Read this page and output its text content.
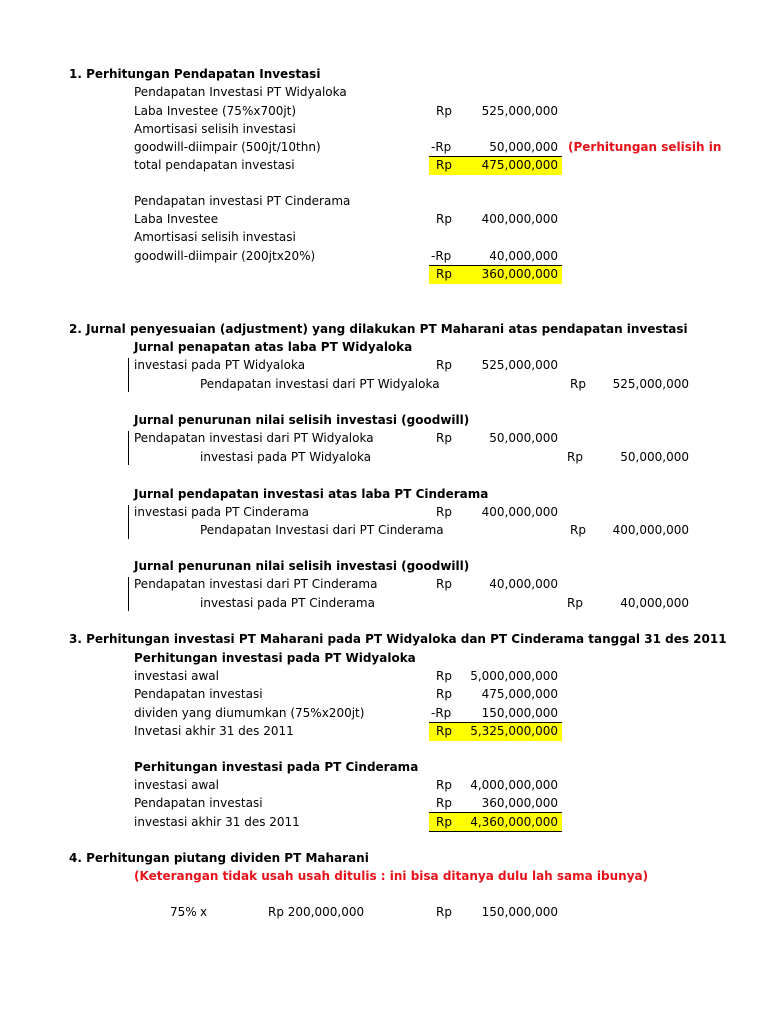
1. Perhitungan Pendapatan Investasi
Pendapatan Investasi PT Widyaloka
Laba Investee (75%x700jt)	Rp	525,000,000
Amortisasi selisih investasi
goodwill-diimpair (500jt/10thn)	-Rp	50,000,000 (Perhitungan selisih in
total pendapatan investasi	Rp	475,000,000
Pendapatan investasi PT Cinderama
Laba Investee	Rp	400,000,000
Amortisasi selisih investasi
goodwill-diimpair (200jtx20%)	-Rp	40,000,000
Rp	360,000,000
2. Jurnal penyesuaian (adjustment) yang dilakukan PT Maharani atas pendapatan investasi
Jurnal penapatan atas laba PT Widyaloka
investasi pada PT Widyaloka	Rp	525,000,000
Pendapatan investasi dari PT Widyaloka	Rp	525,000,000
Jurnal penurunan nilai selisih investasi (goodwill)
Pendapatan investasi dari PT Widyaloka	Rp	50,000,000
investasi pada PT Widyaloka	Rp	50,000,000
Jurnal pendapatan investasi atas laba PT Cinderama
investasi pada PT Cinderama	Rp	400,000,000
Pendapatan Investasi dari PT Cinderama	Rp	400,000,000
Jurnal penurunan nilai selisih investasi (goodwill)
Pendapatan investasi dari PT Cinderama	Rp	40,000,000
investasi pada PT Cinderama	Rp	40,000,000
3. Perhitungan investasi PT Maharani pada PT Widyaloka dan PT Cinderama tanggal 31 des 2011
Perhitungan investasi pada PT Widyaloka
investasi awal	Rp	5,000,000,000
Pendapatan investasi	Rp	475,000,000
dividen yang diumumkan (75%x200jt)	-Rp	150,000,000
Invetasi akhir 31 des 2011	Rp	5,325,000,000
Perhitungan investasi pada PT Cinderama
investasi awal	Rp	4,000,000,000
Pendapatan investasi	Rp	360,000,000
investasi akhir 31 des 2011	Rp	4,360,000,000
4. Perhitungan piutang dividen PT Maharani
(Keterangan tidak usah usah ditulis : ini bisa ditanya dulu lah sama ibunya)
75% x	Rp 200,000,000	Rp	150,000,000
